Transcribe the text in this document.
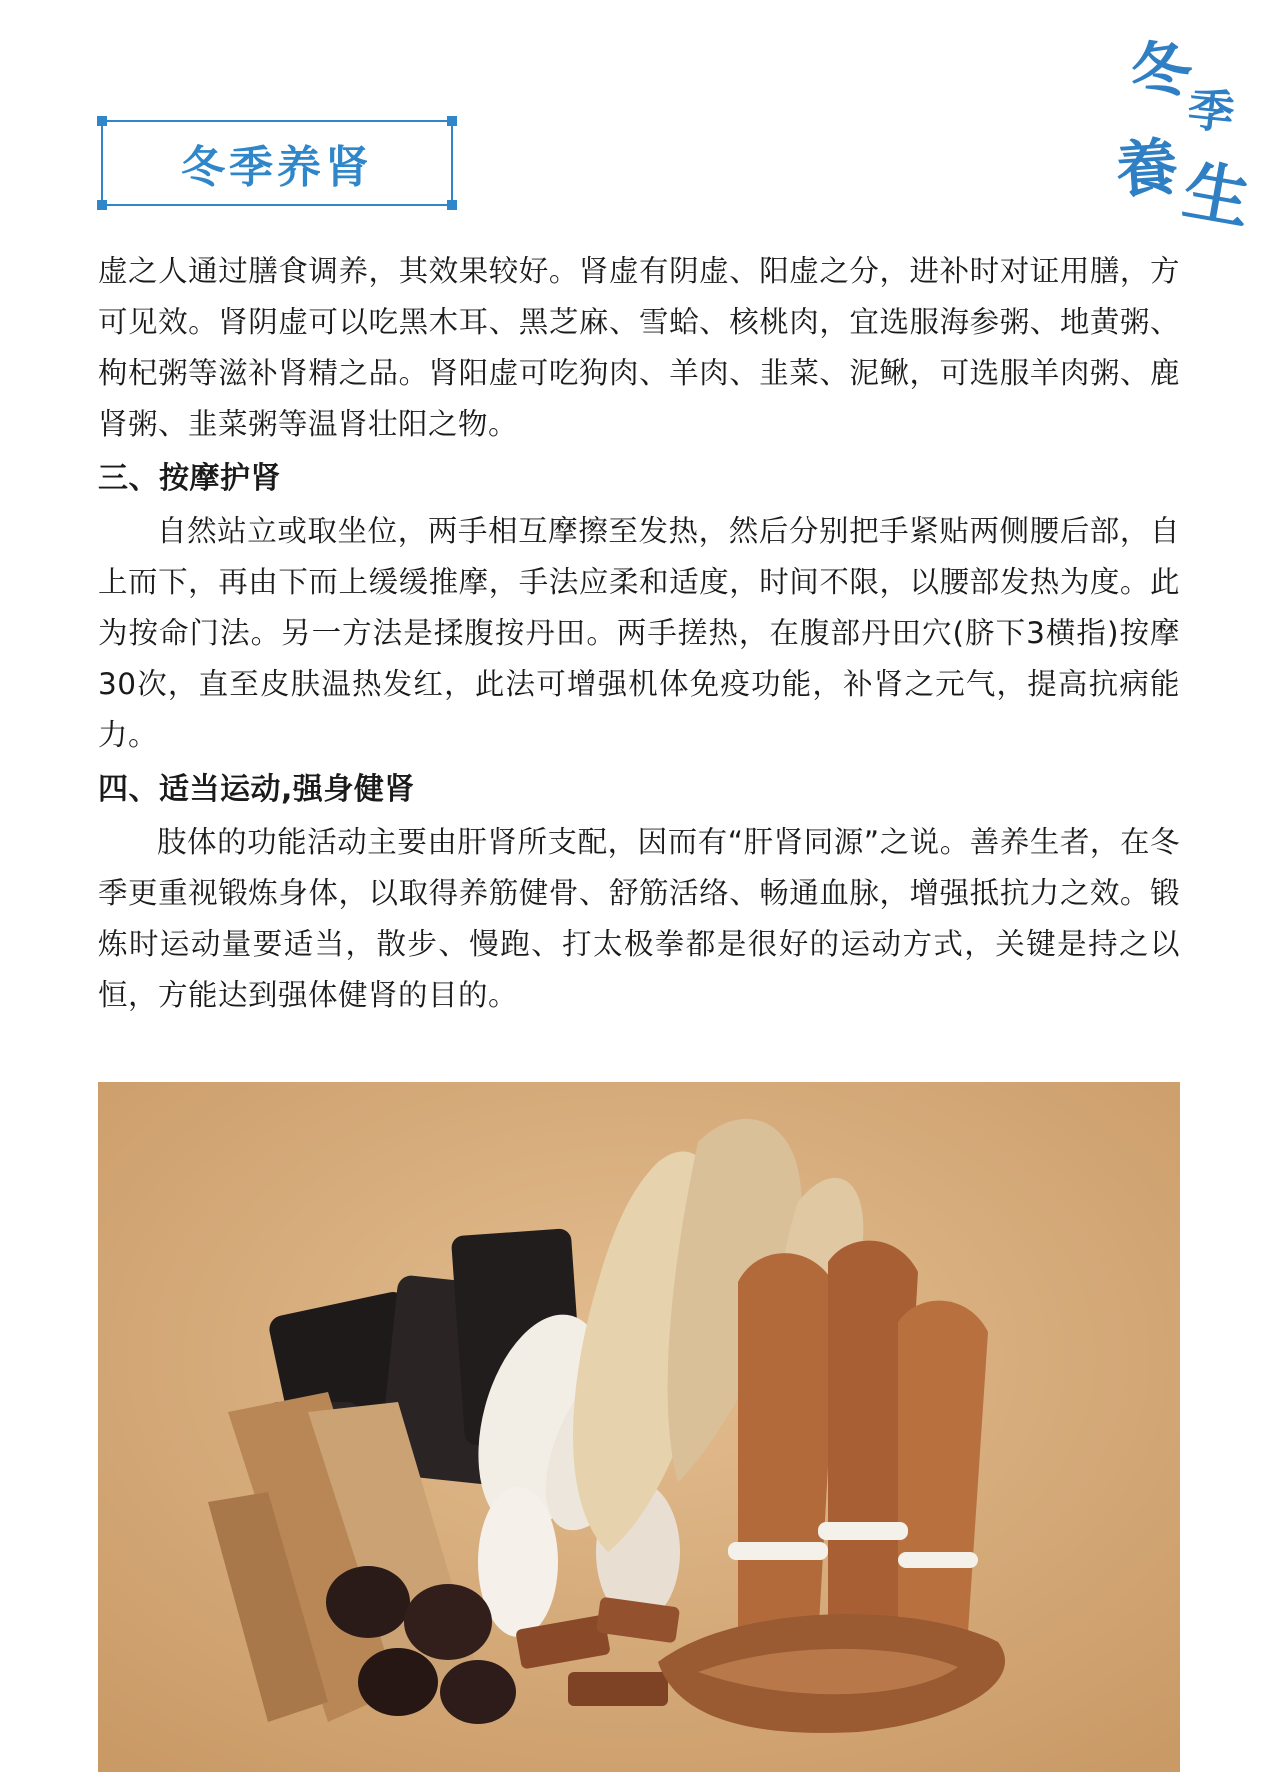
冬季养肾
冬
季
養
生

虚之人通过膳食调养，其效果较好。肾虚有阴虚、阳虚之分，进补时对证用膳，方可见效。肾阴虚可以吃黑木耳、黑芝麻、雪蛤、核桃肉，宜选服海参粥、地黄粥、枸杞粥等滋补肾精之品。肾阳虚可吃狗肉、羊肉、韭菜、泥鳅，可选服羊肉粥、鹿肾粥、韭菜粥等温肾壮阳之物。

三、按摩护肾

自然站立或取坐位，两手相互摩擦至发热，然后分别把手紧贴两侧腰后部，自上而下，再由下而上缓缓推摩，手法应柔和适度，时间不限，以腰部发热为度。此为按命门法。另一方法是揉腹按丹田。两手搓热，在腹部丹田穴(脐下3横指)按摩30次，直至皮肤温热发红，此法可增强机体免疫功能，补肾之元气，提高抗病能力。

四、适当运动,强身健肾

肢体的功能活动主要由肝肾所支配，因而有“肝肾同源”之说。善养生者，在冬季更重视锻炼身体，以取得养筋健骨、舒筋活络、畅通血脉，增强抵抗力之效。锻炼时运动量要适当，散步、慢跑、打太极拳都是很好的运动方式，关键是持之以恒，方能达到强体健肾的目的。
